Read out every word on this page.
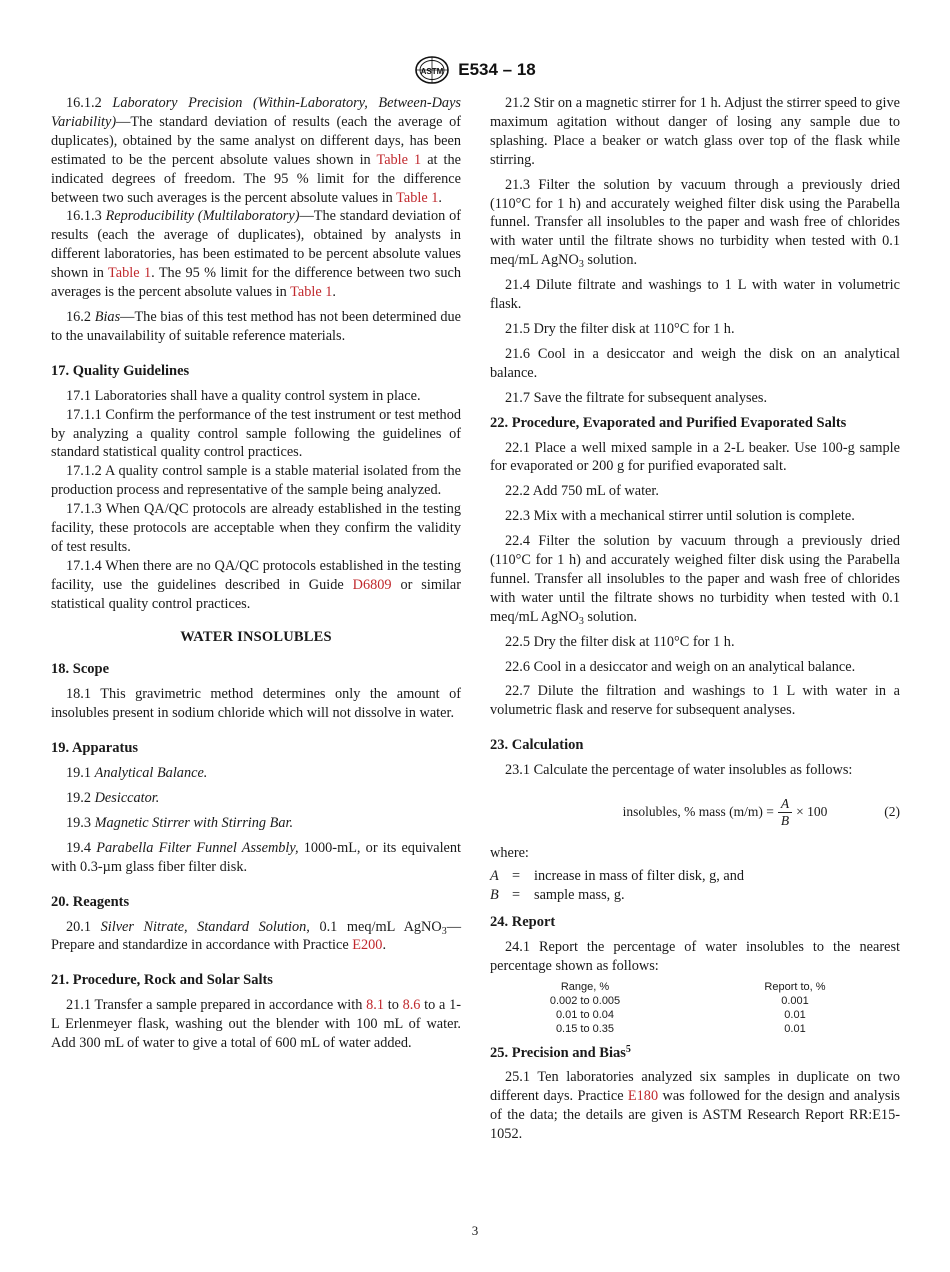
ASTM E534 – 18

16.1.2 Laboratory Precision (Within-Laboratory, Between-Days Variability)—The standard deviation of results (each the average of duplicates), obtained by the same analyst on different days, has been estimated to be the percent absolute values shown in Table 1 at the indicated degrees of freedom. The 95 % limit for the difference between two such averages is the percent absolute values in Table 1.

16.1.3 Reproducibility (Multilaboratory)—The standard deviation of results (each the average of duplicates), obtained by analysts in different laboratories, has been estimated to be percent absolute values shown in Table 1. The 95 % limit for the difference between two such averages is the percent absolute values in Table 1.

16.2 Bias—The bias of this test method has not been determined due to the unavailability of suitable reference materials.

17. Quality Guidelines

17.1 Laboratories shall have a quality control system in place.

17.1.1 Confirm the performance of the test instrument or test method by analyzing a quality control sample following the guidelines of standard statistical quality control practices.

17.1.2 A quality control sample is a stable material isolated from the production process and representative of the sample being analyzed.

17.1.3 When QA/QC protocols are already established in the testing facility, these protocols are acceptable when they confirm the validity of test results.

17.1.4 When there are no QA/QC protocols established in the testing facility, use the guidelines described in Guide D6809 or similar statistical quality control practices.

WATER INSOLUBLES
18. Scope

18.1 This gravimetric method determines only the amount of insolubles present in sodium chloride which will not dissolve in water.

19. Apparatus

19.1 Analytical Balance.

19.2 Desiccator.

19.3 Magnetic Stirrer with Stirring Bar.

19.4 Parabella Filter Funnel Assembly, 1000-mL, or its equivalent with 0.3-µm glass fiber filter disk.

20. Reagents

20.1 Silver Nitrate, Standard Solution, 0.1 meq/mL AgNO$_3$—Prepare and standardize in accordance with Practice E200.

21. Procedure, Rock and Solar Salts

21.1 Transfer a sample prepared in accordance with 8.1 to 8.6 to a 1-L Erlenmeyer flask, washing out the blender with 100 mL of water. Add 300 mL of water to give a total of 600 mL of water added.

21.2 Stir on a magnetic stirrer for 1 h. Adjust the stirrer speed to give maximum agitation without danger of losing any sample due to splashing. Place a beaker or watch glass over top of the flask while stirring.

21.3 Filter the solution by vacuum through a previously dried (110°C for 1 h) and accurately weighed filter disk using the Parabella funnel. Transfer all insolubles to the paper and wash free of chlorides with water until the filtrate shows no turbidity when tested with 0.1 meq/mL AgNO$_3$ solution.

21.4 Dilute filtrate and washings to 1 L with water in volumetric flask.

21.5 Dry the filter disk at 110°C for 1 h.

21.6 Cool in a desiccator and weigh the disk on an analytical balance.

21.7 Save the filtrate for subsequent analyses.

22. Procedure, Evaporated and Purified Evaporated Salts

22.1 Place a well mixed sample in a 2-L beaker. Use 100-g sample for evaporated or 200 g for purified evaporated salt.

22.2 Add 750 mL of water.

22.3 Mix with a mechanical stirrer until solution is complete.

22.4 Filter the solution by vacuum through a previously dried (110°C for 1 h) and accurately weighed filter disk using the Parabella funnel. Transfer all insolubles to the paper and wash free of chlorides with water until the filtrate shows no turbidity when tested with 0.1 meq/mL AgNO$_3$ solution.

22.5 Dry the filter disk at 110°C for 1 h.

22.6 Cool in a desiccator and weigh on an analytical balance.

22.7 Dilute the filtration and washings to 1 L with water in a volumetric flask and reserve for subsequent analyses.

23. Calculation

23.1 Calculate the percentage of water insolubles as follows:

insolubles, % mass $(m/m) = \frac{A}{B} \times 100$	(2)

where:

A = increase in mass of filter disk, g, and
B = sample mass, g.
24. Report

24.1 Report the percentage of water insolubles to the nearest percentage shown as follows:

Range, %	Report to, %
0.002 to 0.005	0.001
0.01 to 0.04	0.01
0.15 to 0.35	0.01
25. Precision and Bias$^5$

25.1 Ten laboratories analyzed six samples in duplicate on two different days. Practice E180 was followed for the design and analysis of the data; the details are given is ASTM Research Report RR:E15-1052.

3
